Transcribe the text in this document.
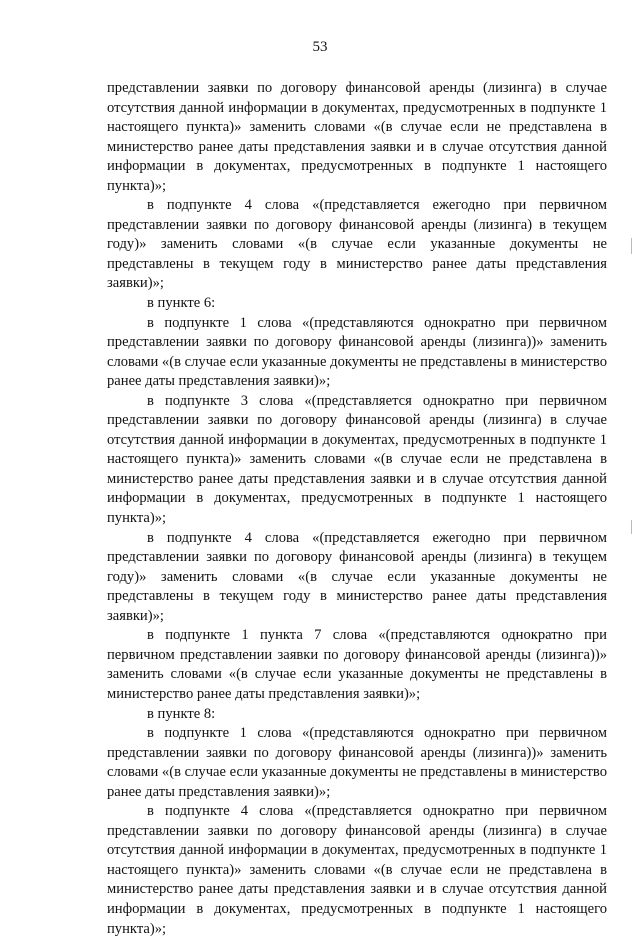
53

представлении заявки по договору финансовой аренды (лизинга) в случае отсутствия данной информации в документах, предусмотренных в подпункте 1 настоящего пункта)» заменить словами «(в случае если не представлена в министерство ранее даты представления заявки и в случае отсутствия данной информации в документах, предусмотренных в подпункте 1 настоящего пункта)»;

в подпункте 4 слова «(представляется ежегодно при первичном представлении заявки по договору финансовой аренды (лизинга) в текущем году)» заменить словами «(в случае если указанные документы не представлены в текущем году в министерство ранее даты представления заявки)»;

в пункте 6:

в подпункте 1 слова «(представляются однократно при первичном представлении заявки по договору финансовой аренды (лизинга))» заменить словами «(в случае если указанные документы не представлены в министерство ранее даты представления заявки)»;

в подпункте 3 слова «(представляется однократно при первичном представлении заявки по договору финансовой аренды (лизинга) в случае отсутствия данной информации в документах, предусмотренных в подпункте 1 настоящего пункта)» заменить словами «(в случае если не представлена в министерство ранее даты представления заявки и в случае отсутствия данной информации в документах, предусмотренных в подпункте 1 настоящего пункта)»;

в подпункте 4 слова «(представляется ежегодно при первичном представлении заявки по договору финансовой аренды (лизинга) в текущем году)» заменить словами «(в случае если указанные документы не представлены в текущем году в министерство ранее даты представления заявки)»;

в подпункте 1 пункта 7 слова «(представляются однократно при первичном представлении заявки по договору финансовой аренды (лизинга))» заменить словами «(в случае если указанные документы не представлены в министерство ранее даты представления заявки)»;

в пункте 8:

в подпункте 1 слова «(представляются однократно при первичном представлении заявки по договору финансовой аренды (лизинга))» заменить словами «(в случае если указанные документы не представлены в министерство ранее даты представления заявки)»;

в подпункте 4 слова «(представляется однократно при первичном представлении заявки по договору финансовой аренды (лизинга) в случае отсутствия данной информации в документах, предусмотренных в подпункте 1 настоящего пункта)» заменить словами «(в случае если не представлена в министерство ранее даты представления заявки и в случае отсутствия данной информации в документах, предусмотренных в подпункте 1 настоящего пункта)»;
